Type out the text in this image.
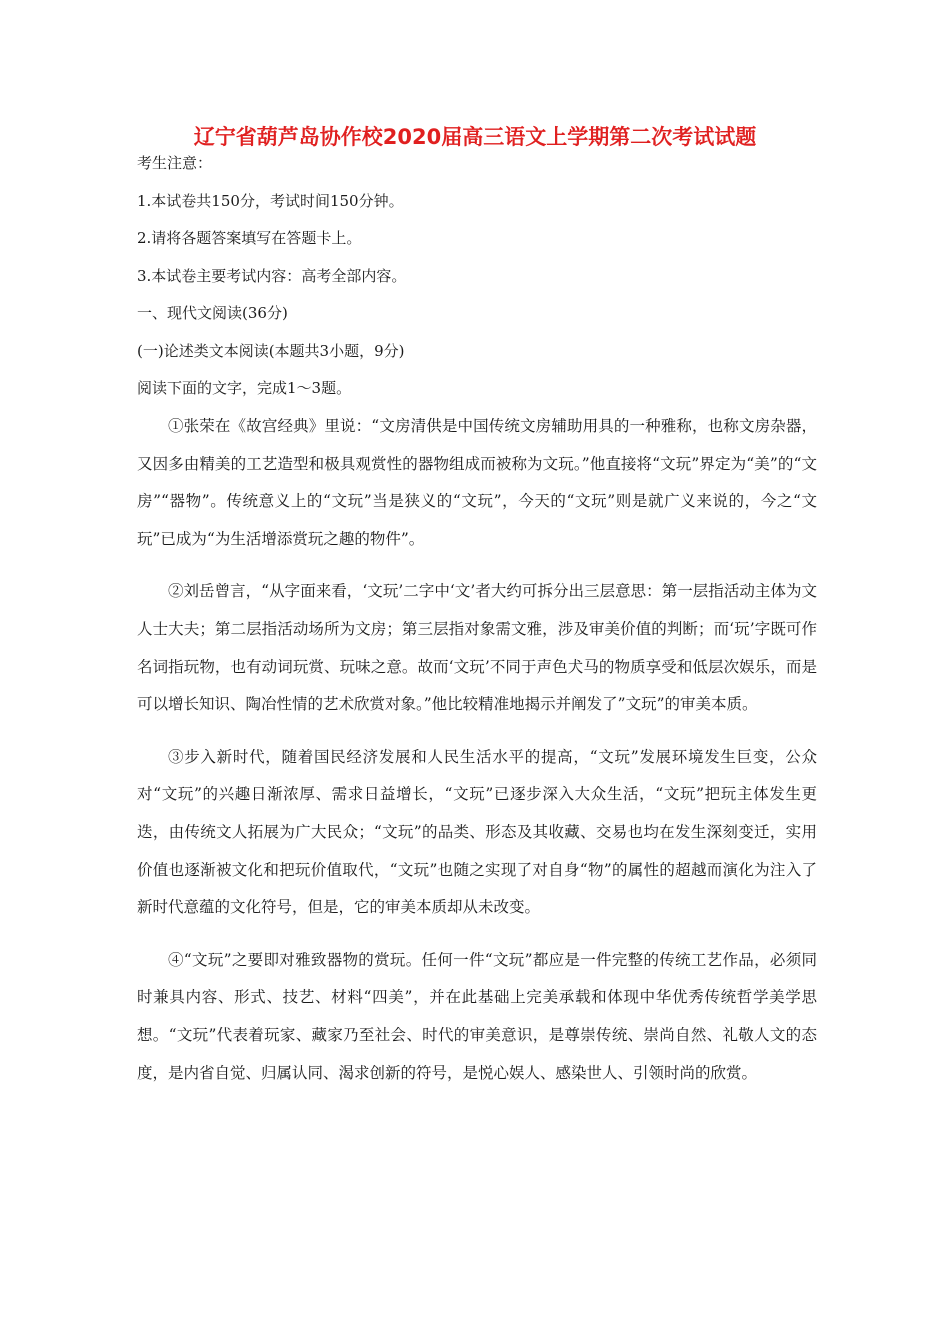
辽宁省葫芦岛协作校2020届高三语文上学期第二次考试试题

考生注意：

1.本试卷共150分，考试时间150分钟。

2.请将各题答案填写在答题卡上。

3.本试卷主要考试内容：高考全部内容。

一、现代文阅读(36分)

(一)论述类文本阅读(本题共3小题，9分)

阅读下面的文字，完成1～3题。

①张荣在《故宫经典》里说：“文房清供是中国传统文房辅助用具的一种雅称，也称文房杂器，又因多由精美的工艺造型和极具观赏性的器物组成而被称为文玩。”他直接将“文玩”界定为“美”的“文房”“器物”。传统意义上的“文玩”当是狭义的“文玩”，今天的“文玩”则是就广义来说的，今之“文玩”已成为“为生活增添赏玩之趣的物件”。

②刘岳曾言，“从字面来看，‘文玩’二字中‘文’者大约可拆分出三层意思：第一层指活动主体为文人士大夫；第二层指活动场所为文房；第三层指对象需文雅，涉及审美价值的判断；而‘玩’字既可作名词指玩物，也有动词玩赏、玩味之意。故而‘文玩’不同于声色犬马的物质享受和低层次娱乐，而是可以增长知识、陶冶性情的艺术欣赏对象。”他比较精准地揭示并阐发了”文玩”的审美本质。

③步入新时代，随着国民经济发展和人民生活水平的提高，“文玩”发展环境发生巨变，公众对“文玩”的兴趣日渐浓厚、需求日益增长，“文玩”已逐步深入大众生活，“文玩”把玩主体发生更迭，由传统文人拓展为广大民众；“文玩”的品类、形态及其收藏、交易也均在发生深刻变迁，实用价值也逐渐被文化和把玩价值取代，“文玩”也随之实现了对自身“物”的属性的超越而演化为注入了新时代意蕴的文化符号，但是，它的审美本质却从未改变。

④“文玩”之要即对雅致器物的赏玩。任何一件“文玩”都应是一件完整的传统工艺作品，必须同时兼具内容、形式、技艺、材料“四美”，并在此基础上完美承载和体现中华优秀传统哲学美学思想。“文玩”代表着玩家、藏家乃至社会、时代的审美意识，是尊崇传统、崇尚自然、礼敬人文的态度，是内省自觉、归属认同、渴求创新的符号，是悦心娱人、感染世人、引领时尚的欣赏。
